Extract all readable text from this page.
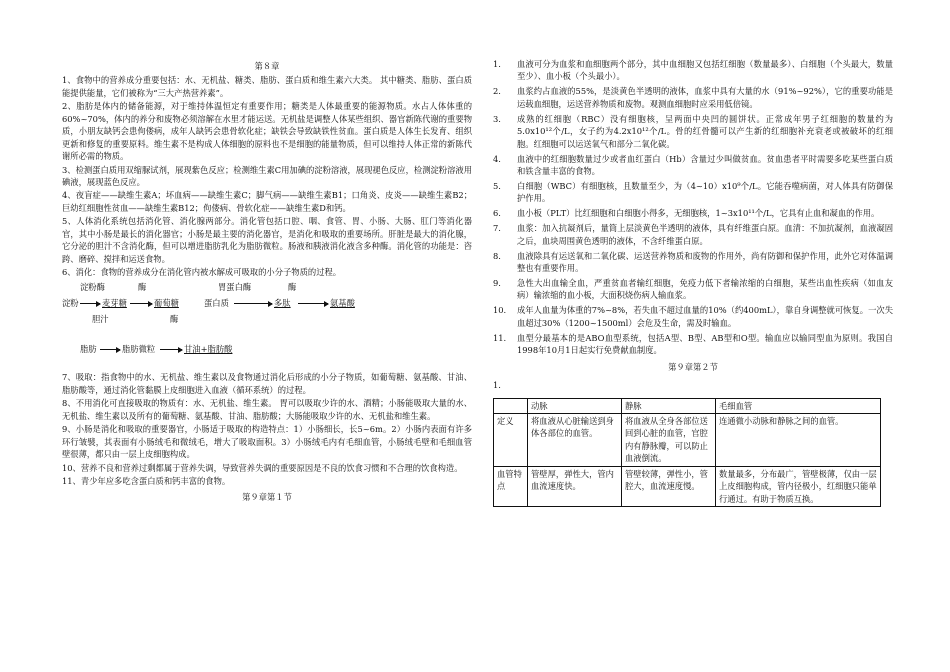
第８章

1、食物中的营养成分重要包括：水、无机盐、糖类、脂肪、蛋白质和维生素六大类。 其中糖类、脂肪、蛋白质能提供能量，它们被称为“三大产热营养素”。

2、脂肪是体内的储备能源，对于维持体温恒定有重要作用；糖类是人体最重要的能源物质。水占人体体重的60%~70%，体内的养分和废物必须溶解在水里才能运送。无机盐是调整人体某些组织、器官新陈代谢的重要物质，小朋友缺钙会患佝偻病，成年人缺钙会患骨软化症；缺铁会导致缺铁性贫血。蛋白质是人体生长发育、组织更新和修复的重要原料。维生素不是构成人体细胞的原料也不是细胞的能量物质，但可以维持人体正常的新陈代谢所必需的物质。

3、检测蛋白质用双缩脲试剂，展现紫色反应；检测维生素C用加碘的淀粉溶液，展现褪色反应，检测淀粉溶液用碘液，展现蓝色反应。

4、夜盲症——缺维生素A；坏血病——缺维生素C；脚气病——缺维生素B1；口角炎、皮炎——缺维生素B2；巨幼红细胞性贫血——缺维生素B12；佝偻病、骨软化症——缺维生素D和钙。

5、人体消化系统包括消化管、消化腺两部分。消化管包括口腔、咽、食管、胃、小肠、大肠、肛门等消化器官，其中小肠是最长的消化器官；小肠是最主要的消化器官，是消化和吸取的重要场所。肝脏是最大的消化腺，它分泌的胆汁不含消化酶，但可以增进脂肪乳化为脂肪微粒。肠液和胰液消化液含多种酶。消化管的功能是：咨跨、磨碎、搅拌和运送食物。

6、消化：食物的营养成分在消化管内被水解成可吸取的小分子物质的过程。

淀粉酶	酶	胃蛋白酶	酶
淀粉	麦芽糖	葡萄糖	蛋白质	多肽	氨基酸
胆汁	酶
脂肪	脂肪微粒	甘油+脂肪酸

7、吸取：指食物中的水、无机盐、维生素以及食物通过消化后形成的小分子物质，如葡萄糖、氨基酸、甘油、脂肪酸等，通过消化管黏膜上皮细胞进入血液（循环系统）的过程。

8、不用消化可直接吸取的物质有：水、无机盐、维生素。 胃可以吸取少许的水、酒精；小肠能吸取大量的水、无机盐、维生素以及所有的葡萄糖、氨基酸、甘油、脂肪酸；大肠能吸取少许的水、无机盐和维生素。

9、小肠是消化和吸取的重要器官，小肠适于吸取的构造特点：1）小肠细长，长5~6m。2）小肠内表面有许多环行皱襞，其表面有小肠绒毛和微绒毛，增大了吸取面积。3）小肠绒毛内有毛细血管，小肠绒毛壁和毛细血管壁很薄，都只由一层上皮细胞构成。

10、营养不良和营养过剩都属于营养失调，导致营养失调的重要原因是不良的饮食习惯和不合理的饮食构造。

11、青少年应多吃含蛋白质和钙丰富的食物。

第９章第１节
1. 血液可分为血浆和血细胞两个部分，其中血细胞又包括红细胞（数量最多）、白细胞（个头最大，数量至少）、血小板（个头最小）。
2. 血浆约占血液的55%，是淡黄色半透明的液体，血浆中具有大量的水（91%~92%），它的重要功能是运载血细胞，运送营养物质和废物。观测血细胞时应采用低倍镜。
3. 成熟的红细胞（RBC）没有细胞核，呈两面中央凹的圆饼状。正常成年男子红细胞的数量约为5.0x10¹²个/L，女子约为4.2x10¹²个/L。骨的红骨髓可以产生新的红细胞补充衰老或被破坏的红细胞。红细胞可以运送氧气和部分二氧化碳。
4. 血液中的红细胞数量过少或者血红蛋白（Hb）含量过少叫做贫血。贫血患者平时需要多吃某些蛋白质和铁含量丰富的食物。
5. 白细胞（WBC）有细胞核，且数量至少，为（4~10）x10⁹个/L。它能吞噬病菌，对人体具有防御保护作用。
6. 血小板（PLT）比红细胞和白细胞小得多，无细胞核，1~3x10¹¹个/L，它具有止血和凝血的作用。
7. 血浆：加入抗凝剂后，量筒上层淡黄色半透明的液体，具有纤维蛋白原。血清：不加抗凝剂，血液凝固之后，血块周围黄色透明的液体，不含纤维蛋白原。
8. 血液除具有运送氧和二氧化碳、运送营养物质和废物的作用外，尚有防御和保护作用，此外它对体温调整也有重要作用。
9. 急性大出血输全血，严重贫血者输红细胞，免疫力低下者输浓缩的白细胞，某些出血性疾病（如血友病）输浓缩的血小板，大面积烧伤病人输血浆。
10. 成年人血量为体重的7%~8%，若失血不超过血量的10%（约400mL），靠自身调整就可恢复。一次失血超过30%（1200~1500ml）会危及生命，需及时输血。
11. 血型分最基本的是ABO血型系统，包括A型、B型、AB型和O型。输血应以输同型血为原则。我国自1998年10月1日起实行免费献血制度。
第９章第２节
1.
	动脉	静脉	毛细血管
定义	将血液从心脏输送到身体各部位的血管。	将血液从全身各部位送回到心脏的血管，官腔内有静脉瓣，可以防止血液倒流。	连通微小动脉和静脉之间的血管。
血管特点	管壁厚，弹性大，管内血流速度快。	管壁较薄，弹性小，管腔大，血流速度慢。	数量最多，分布最广，管壁极薄，仅由一层上皮细胞构成，管内径极小，红细胞只能单行通过。有助于物质互换。
